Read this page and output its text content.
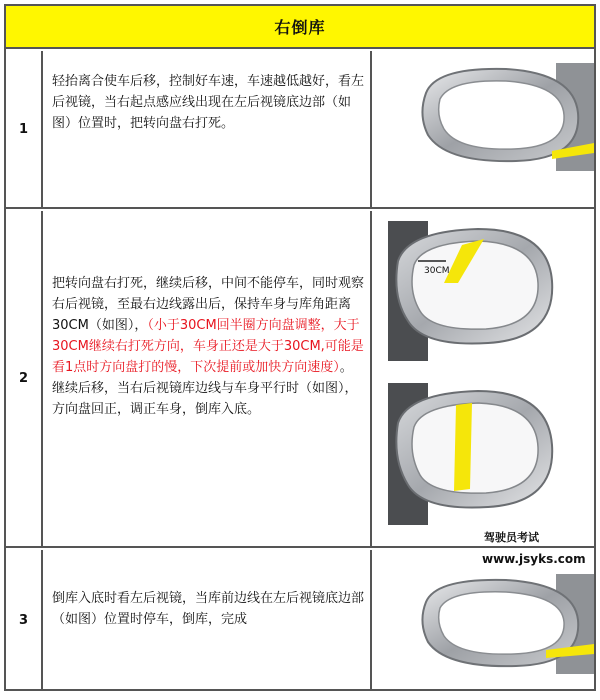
右倒库
1
轻抬离合使车后移，控制好车速，车速越低越好，看左后视镜，当右起点感应线出现在左后视镜底边部（如图）位置时，把转向盘右打死。
2
把转向盘右打死，继续后移，中间不能停车，同时观察右后视镜，至最右边线露出后，保持车身与库角距离30CM（如图），（小于30CM回半圈方向盘调整，大于30CM继续右打死方向，车身正还是大于30CM,可能是看1点时方向盘打的慢，下次提前或加快方向速度）。继续后移，当右后视镜库边线与车身平行时（如图），方向盘回正，调正车身，倒库入底。
30CM
驾驶员考试
3
倒库入底时看左后视镜，当库前边线在左后视镜底边部（如图）位置时停车，倒库，完成
www.jsyks.com
